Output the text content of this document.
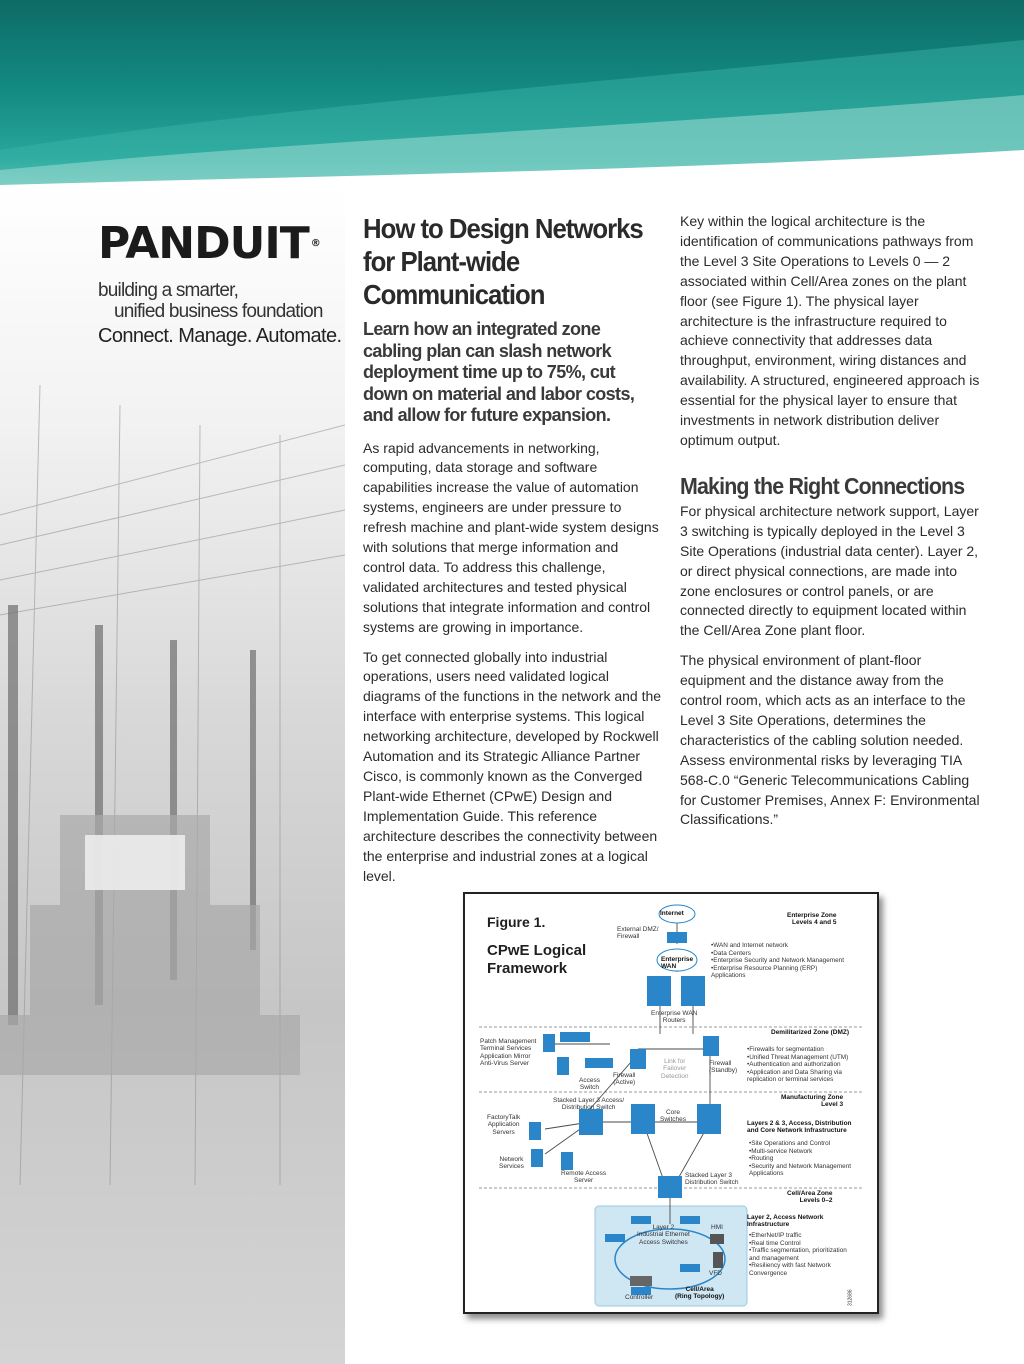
PANDUIT ®
building a smarter,
unified business foundation
Connect. Manage. Automate.
How to Design Networks for Plant-wide Communication

Learn how an integrated zone cabling plan can slash network deployment time up to 75%, cut down on material and labor costs, and allow for future expansion.

As rapid advancements in networking, computing, data storage and software capabilities increase the value of automation systems, engineers are under pressure to refresh machine and plant-wide system designs with solutions that merge information and control data. To address this challenge, validated architectures and tested physical solutions that integrate information and control systems are growing in importance.

To get connected globally into industrial operations, users need validated logical diagrams of the functions in the network and the interface with enterprise systems. This logical networking architecture, developed by Rockwell Automation and its Strategic Alliance Partner Cisco, is commonly known as the Converged Plant-wide Ethernet (CPwE) Design and Implementation Guide. This reference architecture describes the connectivity between the enterprise and industrial zones at a logical level.

Key within the logical architecture is the identification of communications pathways from the Level 3 Site Operations to Levels 0 — 2 associated within Cell/Area zones on the plant floor (see Figure 1). The physical layer architecture is the infrastructure required to achieve connectivity that addresses data throughput, environment, wiring distances and availability. A structured, engineered approach is essential for the physical layer to ensure that investments in network distribution deliver optimum output.

Making the Right Connections

For physical architecture network support, Layer 3 switching is typically deployed in the Level 3 Site Operations (industrial data center). Layer 2, or direct physical connections, are made into zone enclosures or control panels, or are connected directly to equipment located within the Cell/Area Zone plant floor.

The physical environment of plant-floor equipment and the distance away from the control room, which acts as an interface to the Level 3 Site Operations, determines the characteristics of the cabling solution needed. Assess environmental risks by leveraging TIA 568-C.0 “Generic Telecommunications Cabling for Customer Premises, Annex F: Environmental Classifications.”

Figure 1.
CPwE Logical Framework
Internet
External DMZ/
Firewall
Enterprise
WAN
Enterprise WAN
Routers
Enterprise Zone
Levels 4 and 5
• WAN and Internet network
• Data Centers
• Enterprise Security and Network Management
• Enterprise Resource Planning (ERP)
Applications
Demilitarized Zone (DMZ)
Patch Management
Terminal Services
Application Mirror
Anti-Virus Server
• Firewalls for segmentation
• Unified Threat Management (UTM)
• Authentication and authorization
• Application and Data Sharing via
replication or terminal services
Access
Switch
Firewall
(Active)
Link for
Failover
Detection
Firewall
(Standby)
Manufacturing Zone
Level 3
Layers 2 & 3, Access, Distribution
and Core Network Infrastructure
• Site Operations and Control
• Multi-service Network
• Routing
• Security and Network Management
Applications
Stacked Layer 3 Access/
Distribution Switch
FactoryTalk
Application
Servers
Core
Switches
Network
Services
Remote Access
Server
Stacked Layer 3
Distribution Switch
Cell/Area Zone
Levels 0–2
Layer 2, Access Network
Infrastructure
• EtherNet/IP traffic
• Real time Control
• Traffic segmentation, prioritization
and management
• Resiliency with fast Network
Convergence
Layer 2
Industrial Ethernet
Access Switches
HMI
VFD
Controller
Cell/Area
(Ring Topology)	312686
